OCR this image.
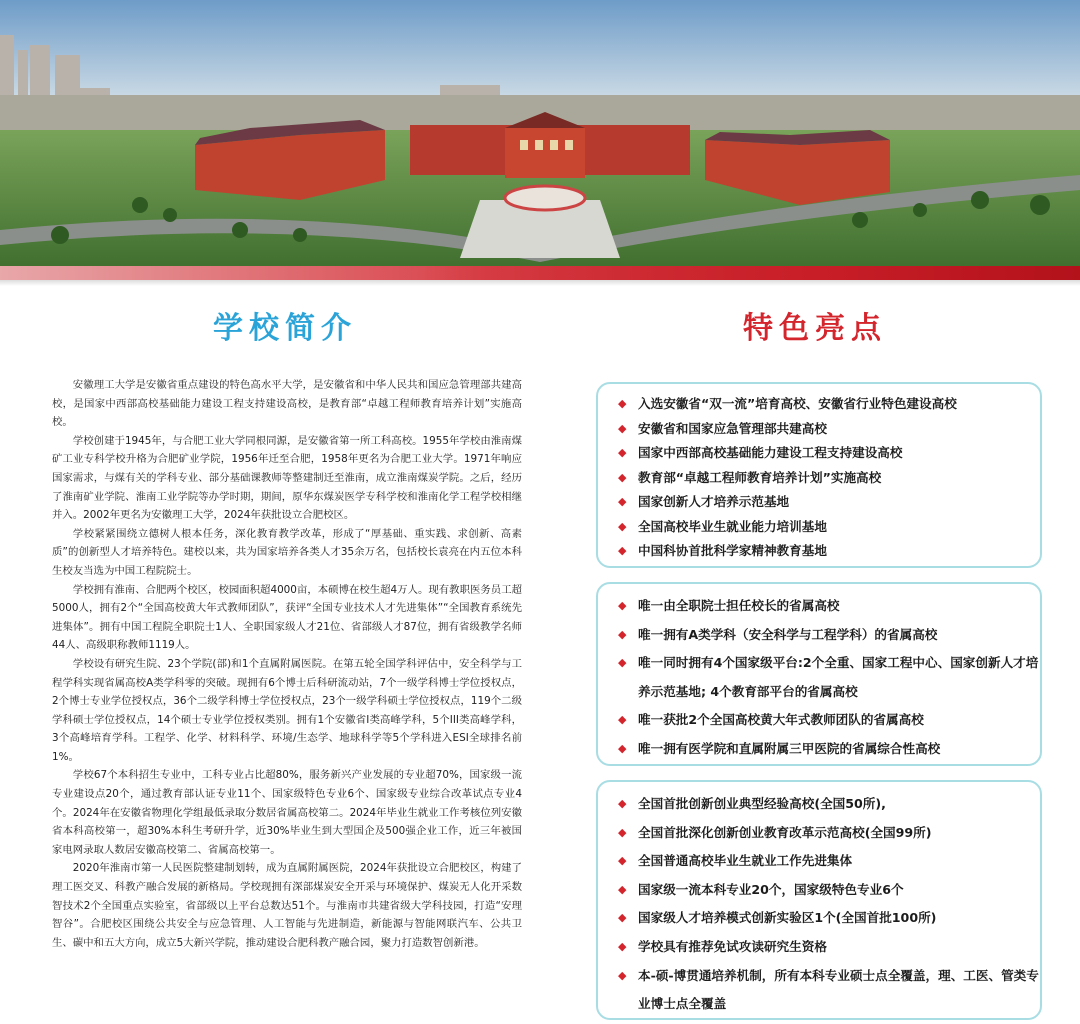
学校简介	特色亮点

安徽理工大学是安徽省重点建设的特色高水平大学，是安徽省和中华人民共和国应急管理部共建高校，是国家中西部高校基础能力建设工程支持建设高校，是教育部“卓越工程师教育培养计划”实施高校。

学校创建于1945年，与合肥工业大学同根同源，是安徽省第一所工科高校。1955年学校由淮南煤矿工业专科学校升格为合肥矿业学院，1956年迁至合肥，1958年更名为合肥工业大学。1971年响应国家需求，与煤有关的学科专业、部分基础课教师等整建制迁至淮南，成立淮南煤炭学院。之后，经历了淮南矿业学院、淮南工业学院等办学时期，期间，原华东煤炭医学专科学校和淮南化学工程学校相继并入。2002年更名为安徽理工大学，2024年获批设立合肥校区。

学校紧紧围绕立德树人根本任务，深化教育教学改革，形成了“厚基础、重实践、求创新、高素质”的创新型人才培养特色。建校以来，共为国家培养各类人才35余万名，包括校长袁亮在内五位本科生校友当选为中国工程院院士。

学校拥有淮南、合肥两个校区，校园面积超4000亩，本硕博在校生超4万人。现有教职医务员工超5000人，拥有2个“全国高校黄大年式教师团队”，获评“全国专业技术人才先进集体”“全国教育系统先进集体”。拥有中国工程院全职院士1人、全职国家级人才21位、省部级人才87位，拥有省级教学名师44人、高级职称教师1119人。

学校设有研究生院、23个学院(部)和1个直属附属医院。在第五轮全国学科评估中，安全科学与工程学科实现省属高校A类学科零的突破。现拥有6个博士后科研流动站，7个一级学科博士学位授权点，2个博士专业学位授权点，36个二级学科博士学位授权点，23个一级学科硕士学位授权点，119个二级学科硕士学位授权点，14个硕士专业学位授权类别。拥有1个安徽省I类高峰学科，5个III类高峰学科，3个高峰培育学科。工程学、化学、材料科学、环境/生态学、地球科学等5个学科进入ESI全球排名前1%。

学校67个本科招生专业中，工科专业占比超80%，服务新兴产业发展的专业超70%，国家级一流专业建设点20个，通过教育部认证专业11个、国家级特色专业6个、国家级专业综合改革试点专业4个。2024年在安徽省物理化学组最低录取分数居省属高校第二。2024年毕业生就业工作考核位列安徽省本科高校第一，超30%本科生考研升学，近30%毕业生到大型国企及500强企业工作，近三年被国家电网录取人数居安徽高校第二、省属高校第一。

2020年淮南市第一人民医院整建制划转，成为直属附属医院，2024年获批设立合肥校区，构建了理工医交叉、科教产融合发展的新格局。学校现拥有深部煤炭安全开采与环境保护、煤炭无人化开采数智技术2个全国重点实验室，省部级以上平台总数达51个。与淮南市共建省级大学科技园，打造“安理智谷”。合肥校区围绕公共安全与应急管理、人工智能与先进制造，新能源与智能网联汽车、公共卫生、碳中和五大方向，成立5大新兴学院，推动建设合肥科教产融合园，聚力打造数智创新港。

◆ 入选安徽省“双一流”培育高校、安徽省行业特色建设高校
◆ 安徽省和国家应急管理部共建高校
◆ 国家中西部高校基础能力建设工程支持建设高校
◆ 教育部“卓越工程师教育培养计划”实施高校
◆ 国家创新人才培养示范基地
◆ 全国高校毕业生就业能力培训基地
◆ 中国科协首批科学家精神教育基地
◆ 唯一由全职院士担任校长的省属高校
◆ 唯一拥有A类学科（安全科学与工程学科）的省属高校
◆ 唯一同时拥有4个国家级平台:2个全重、国家工程中心、国家创新人才培养示范基地; 4个教育部平台的省属高校
◆ 唯一获批2个全国高校黄大年式教师团队的省属高校
◆ 唯一拥有医学院和直属附属三甲医院的省属综合性高校
◆ 全国首批创新创业典型经验高校(全国50所),
◆ 全国首批深化创新创业教育改革示范高校(全国99所)
◆ 全国普通高校毕业生就业工作先进集体
◆ 国家级一流本科专业20个，国家级特色专业6个
◆ 国家级人才培养模式创新实验区1个(全国首批100所)
◆ 学校具有推荐免试攻读研究生资格
◆ 本-硕-博贯通培养机制，所有本科专业硕士点全覆盖，理、工医、管类专业博士点全覆盖
